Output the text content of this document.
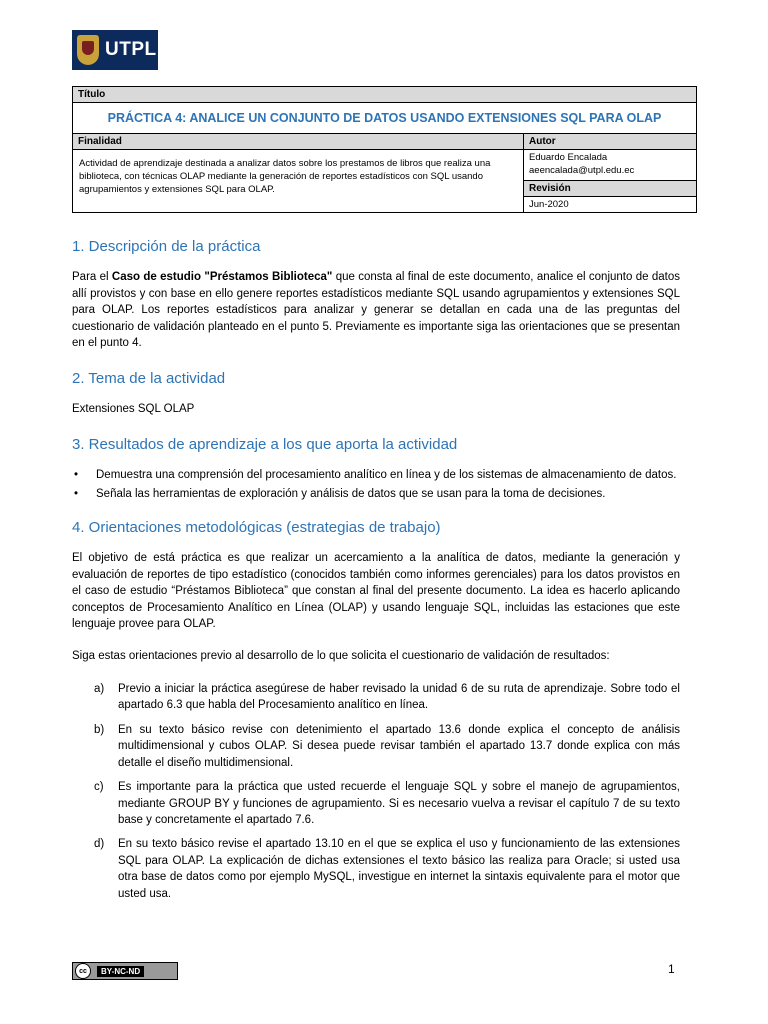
UTPL
Título	
PRÁCTICA 4: ANALICE UN CONJUNTO DE DATOS USANDO EXTENSIONES SQL PARA OLAP	
Finalidad	Autor
Actividad de aprendizaje destinada a analizar datos sobre los prestamos de libros que realiza una biblioteca, con técnicas OLAP mediante la generación de reportes estadísticos con SQL usando agrupamientos y extensiones SQL para OLAP.	Eduardo Encalada
aeencalada@utpl.edu.ec

	Revisión
	Jun-2020
1. Descripción de la práctica

Para el Caso de estudio "Préstamos Biblioteca" que consta al final de este documento, analice el conjunto de datos allí provistos y con base en ello genere reportes estadísticos mediante SQL usando agrupamientos y extensiones SQL para OLAP. Los reportes estadísticos para analizar y generar se detallan en cada una de las preguntas del cuestionario de validación planteado en el punto 5. Previamente es importante siga las orientaciones que se presentan en el punto 4.

2. Tema de la actividad

Extensiones SQL OLAP

3. Resultados de aprendizaje a los que aporta la actividad
• Demuestra una comprensión del procesamiento analítico en línea y de los sistemas de almacenamiento de datos.
• Señala las herramientas de exploración y análisis de datos que se usan para la toma de decisiones.
4. Orientaciones metodológicas (estrategias de trabajo)

El objetivo de está práctica es que realizar un acercamiento a la analítica de datos, mediante la generación y evaluación de reportes de tipo estadístico (conocidos también como informes gerenciales) para los datos provistos en el caso de estudio “Préstamos Biblioteca” que constan al final del presente documento. La idea es hacerlo aplicando conceptos de Procesamiento Analítico en Línea (OLAP) y usando lenguaje SQL, incluidas las estaciones que este lenguaje provee para OLAP.

Siga estas orientaciones previo al desarrollo de lo que solicita el cuestionario de validación de resultados:

a) Previo a iniciar la práctica asegúrese de haber revisado la unidad 6 de su ruta de aprendizaje. Sobre todo el apartado 6.3 que habla del Procesamiento analítico en línea.
b) En su texto básico revise con detenimiento el apartado 13.6 donde explica el concepto de análisis multidimensional y cubos OLAP. Si desea puede revisar también el apartado 13.7 donde explica con más detalle el diseño multidimensional.
c) Es importante para la práctica que usted recuerde el lenguaje SQL y sobre el manejo de agrupamientos, mediante GROUP BY y funciones de agrupamiento. Si es necesario vuelva a revisar el capítulo 7 de su texto base y concretamente el apartado 7.6.
d) En su texto básico revise el apartado 13.10 en el que se explica el uso y funcionamiento de las extensiones SQL para OLAP. La explicación de dichas extensiones el texto básico las realiza para Oracle; si usted usa otra base de datos como por ejemplo MySQL, investigue en internet la sintaxis equivalente para el motor que usted usa.
cc	BY-NC-ND	1
